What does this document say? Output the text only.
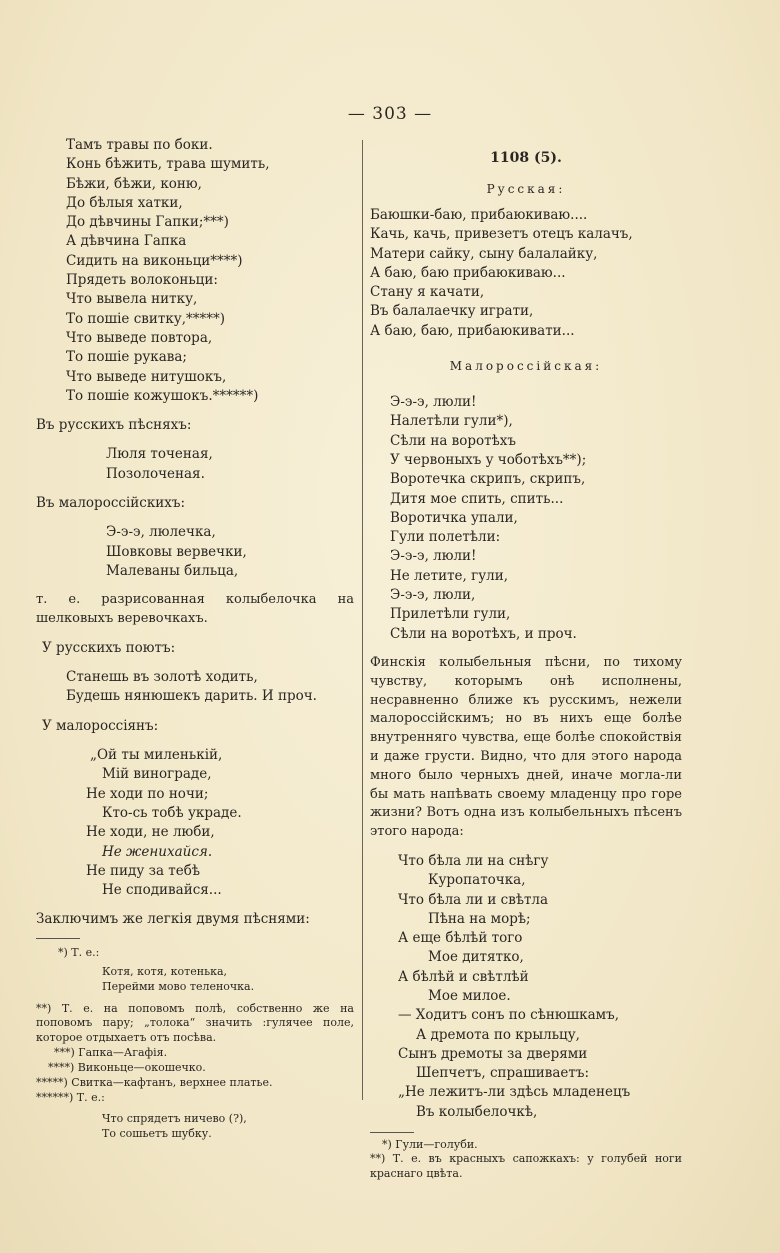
— 303 —
Тамъ травы по боки.
Конь бѣжить, трава шумить,
Бѣжи, бѣжи, коню,
До бѣлыя хатки,
До дѣвчины Гапки;***)
А дѣвчина Гапка
Сидить на виконьци****)
Прядеть волоконьци:
Что вывела нитку,
То пошіе свитку,*****)
Что выведе повтора,
То пошіе рукава;
Что выведе нитушокъ,
То пошіе кожушокъ.******)
Въ русскихъ пѣсняхъ:
Люля точеная,
Позолоченая.
Въ малороссійскихъ:
Э-э-э, люлечка,
Шовковы вервечки,
Малеваны бильца,
т. е. разрисованная колыбелочка на шелковыхъ веревочкахъ.
У русскихъ поютъ:
Станешь въ золотѣ ходить,
Будешь нянюшекъ дарить. И проч.
У малороссіянъ:
„Ой ты миленькій,
Мій винограде,
Не ходи по ночи;
Кто-сь тобѣ украде.
Не ходи, не люби,
Не женихайся.
Не пиду за тебѣ
Не сподивайся...
Заключимъ же легкія двумя пѣснями:
*) Т. е.:
Котя, котя, котенька,
Перейми мово теленочка.
**) Т. е. на поповомъ полѣ, собственно же на поповомъ пару; „толока“ значить :гулячее поле, которое отдыхаетъ отъ посѣва.
***) Гапка—Агафія.
****) Виконьце—окошечко.
*****) Свитка—кафтанъ, верхнее платье.
******) Т. е.:
Что спрядетъ ничево (?),
То сошьетъ шубку.
1108 (5).
Русская:
Баюшки-баю, прибаюкиваю....
Качь, качь, привезетъ отецъ калачъ,
Матери сайку, сыну балалайку,
А баю, баю прибаюкиваю...
Стану я качати,
Въ балалаечку играти,
А баю, баю, прибаюкивати...
Малороссійская:
Э-э-э, люли!
Налетѣли гули*),
Сѣли на воротѣхъ
У червоныхъ у чоботѣхъ**);
Воротечка скрипъ, скрипъ,
Дитя мое спить, спить...
Воротичка упали,
Гули полетѣли:
Э-э-э, люли!
Не летите, гули,
Э-э-э, люли,
Прилетѣли гули,
Сѣли на воротѣхъ, и проч.
Финскія колыбельныя пѣсни, по тихому чувству, которымъ онѣ исполнены, несравненно ближе къ русскимъ, нежели малороссійскимъ; но въ нихъ еще болѣе внутренняго чувства, еще болѣе спокойствія и даже грусти. Видно, что для этого народа много было черныхъ дней, иначе могла-ли бы мать напѣвать своему младенцу про горе жизни? Вотъ одна изъ колыбельныхъ пѣсенъ этого народа:
Что бѣла ли на снѣгу
Куропаточка,
Что бѣла ли и свѣтла
Пѣна на морѣ;
А еще бѣлѣй того
Мое дитятко,
А бѣлѣй и свѣтлѣй
Мое милое.
— Ходитъ сонъ по сѣнюшкамъ,
А дремота по крыльцу,
Сынъ дремоты за дверями
Шепчетъ, спрашиваетъ:
„Не лежитъ-ли здѣсь младенецъ
Въ колыбелочкѣ,
*) Гули—голуби.
**) Т. е. въ красныхъ сапожкахъ: у голубей ноги краснаго цвѣта.
